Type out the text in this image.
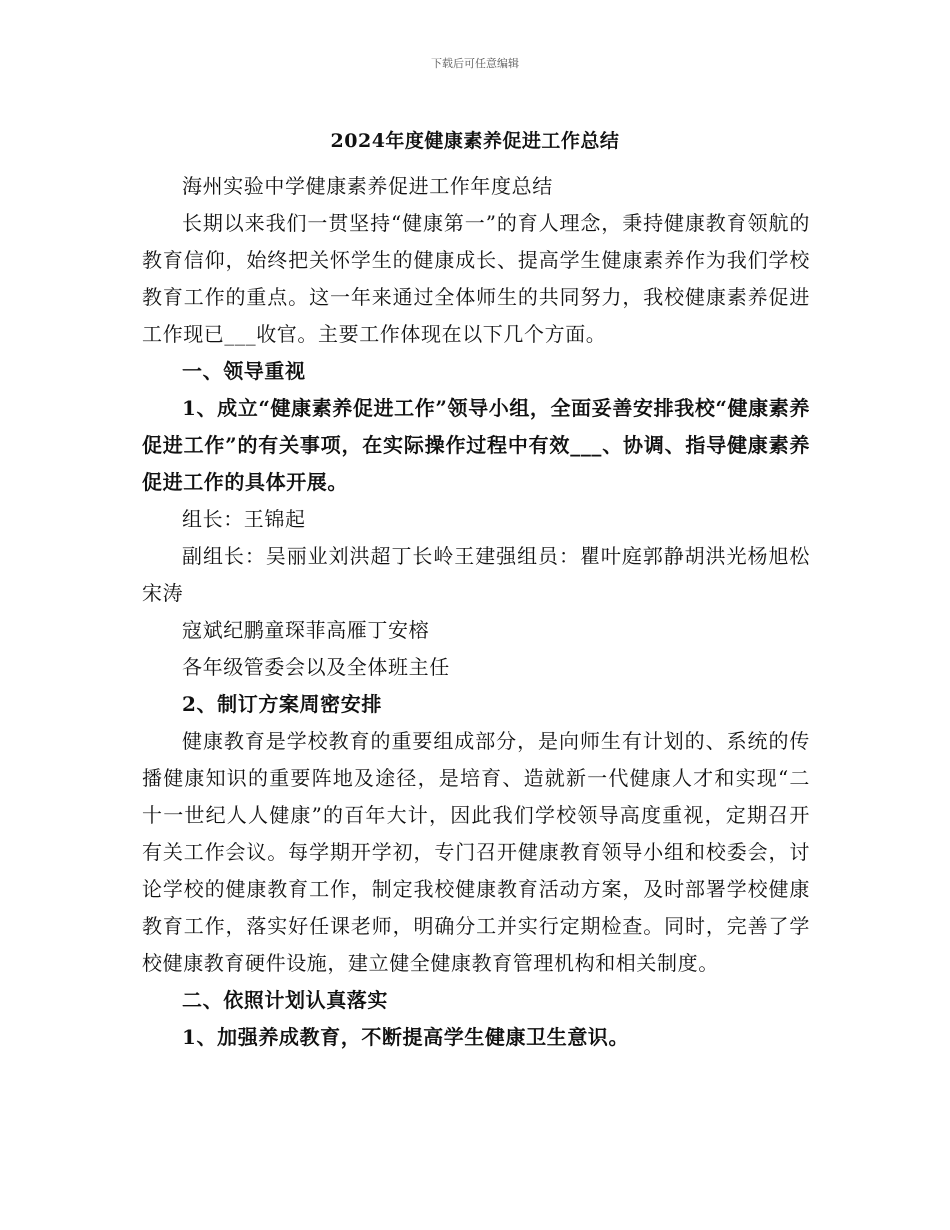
下载后可任意编辑
2024年度健康素养促进工作总结

海州实验中学健康素养促进工作年度总结

长期以来我们一贯坚持“健康第一”的育人理念，秉持健康教育领航的教育信仰，始终把关怀学生的健康成长、提高学生健康素养作为我们学校教育工作的重点。这一年来通过全体师生的共同努力，我校健康素养促进工作现已___收官。主要工作体现在以下几个方面。

一、领导重视

1、成立“健康素养促进工作”领导小组，全面妥善安排我校“健康素养促进工作”的有关事项，在实际操作过程中有效___、协调、指导健康素养促进工作的具体开展。

组长：王锦起

副组长：吴丽业刘洪超丁长岭王建强组员：瞿叶庭郭静胡洪光杨旭松宋涛

寇斌纪鹏童琛菲高雁丁安榕

各年级管委会以及全体班主任

2、制订方案周密安排

健康教育是学校教育的重要组成部分，是向师生有计划的、系统的传播健康知识的重要阵地及途径，是培育、造就新一代健康人才和实现“二十一世纪人人健康”的百年大计，因此我们学校领导高度重视，定期召开有关工作会议。每学期开学初，专门召开健康教育领导小组和校委会，讨论学校的健康教育工作，制定我校健康教育活动方案，及时部署学校健康教育工作，落实好任课老师，明确分工并实行定期检查。同时，完善了学校健康教育硬件设施，建立健全健康教育管理机构和相关制度。

二、依照计划认真落实

1、加强养成教育，不断提高学生健康卫生意识。
